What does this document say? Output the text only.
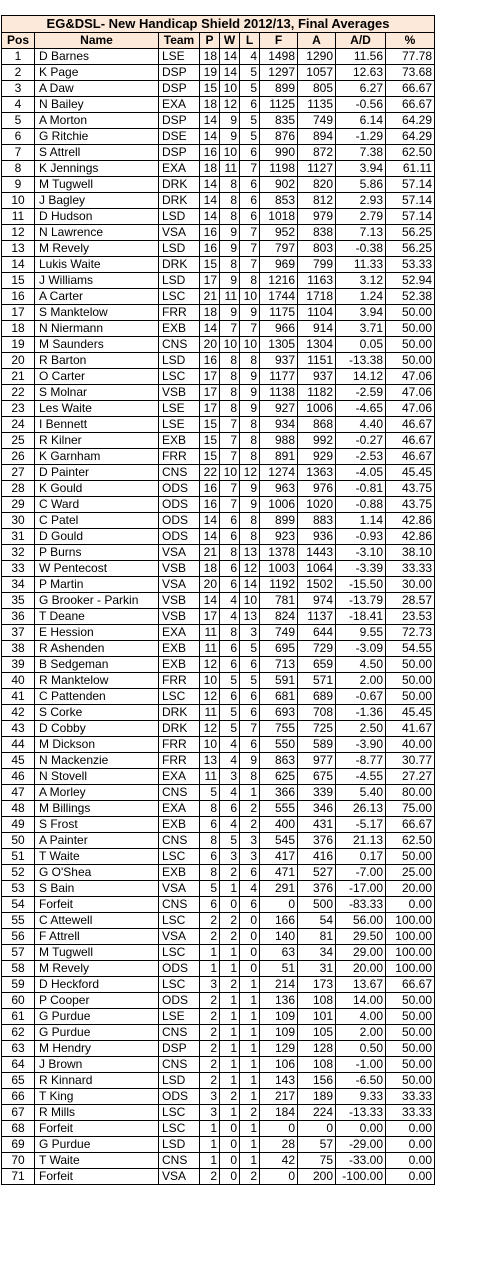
EG&DSL- New Handicap Shield 2012/13, Final Averages									
Pos	Name	Team	P	W	L	F	A	A/D	%
1	D Barnes	LSE	18	14	4	1498	1290	11.56	77.78
2	K Page	DSP	19	14	5	1297	1057	12.63	73.68
3	A Daw	DSP	15	10	5	899	805	6.27	66.67
4	N Bailey	EXA	18	12	6	1125	1135	-0.56	66.67
5	A Morton	DSP	14	9	5	835	749	6.14	64.29
6	G Ritchie	DSE	14	9	5	876	894	-1.29	64.29
7	S Attrell	DSP	16	10	6	990	872	7.38	62.50
8	K Jennings	EXA	18	11	7	1198	1127	3.94	61.11
9	M Tugwell	DRK	14	8	6	902	820	5.86	57.14
10	J Bagley	DRK	14	8	6	853	812	2.93	57.14
11	D Hudson	LSD	14	8	6	1018	979	2.79	57.14
12	N Lawrence	VSA	16	9	7	952	838	7.13	56.25
13	M Revely	LSD	16	9	7	797	803	-0.38	56.25
14	Lukis Waite	DRK	15	8	7	969	799	11.33	53.33
15	J Williams	LSD	17	9	8	1216	1163	3.12	52.94
16	A Carter	LSC	21	11	10	1744	1718	1.24	52.38
17	S Manktelow	FRR	18	9	9	1175	1104	3.94	50.00
18	N Niermann	EXB	14	7	7	966	914	3.71	50.00
19	M Saunders	CNS	20	10	10	1305	1304	0.05	50.00
20	R Barton	LSD	16	8	8	937	1151	-13.38	50.00
21	O Carter	LSC	17	8	9	1177	937	14.12	47.06
22	S Molnar	VSB	17	8	9	1138	1182	-2.59	47.06
23	Les Waite	LSE	17	8	9	927	1006	-4.65	47.06
24	I Bennett	LSE	15	7	8	934	868	4.40	46.67
25	R Kilner	EXB	15	7	8	988	992	-0.27	46.67
26	K Garnham	FRR	15	7	8	891	929	-2.53	46.67
27	D Painter	CNS	22	10	12	1274	1363	-4.05	45.45
28	K Gould	ODS	16	7	9	963	976	-0.81	43.75
29	C Ward	ODS	16	7	9	1006	1020	-0.88	43.75
30	C Patel	ODS	14	6	8	899	883	1.14	42.86
31	D Gould	ODS	14	6	8	923	936	-0.93	42.86
32	P Burns	VSA	21	8	13	1378	1443	-3.10	38.10
33	W Pentecost	VSB	18	6	12	1003	1064	-3.39	33.33
34	P Martin	VSA	20	6	14	1192	1502	-15.50	30.00
35	G Brooker - Parkin	VSB	14	4	10	781	974	-13.79	28.57
36	T Deane	VSB	17	4	13	824	1137	-18.41	23.53
37	E Hession	EXA	11	8	3	749	644	9.55	72.73
38	R Ashenden	EXB	11	6	5	695	729	-3.09	54.55
39	B Sedgeman	EXB	12	6	6	713	659	4.50	50.00
40	R Manktelow	FRR	10	5	5	591	571	2.00	50.00
41	C Pattenden	LSC	12	6	6	681	689	-0.67	50.00
42	S Corke	DRK	11	5	6	693	708	-1.36	45.45
43	D Cobby	DRK	12	5	7	755	725	2.50	41.67
44	M Dickson	FRR	10	4	6	550	589	-3.90	40.00
45	N Mackenzie	FRR	13	4	9	863	977	-8.77	30.77
46	N Stovell	EXA	11	3	8	625	675	-4.55	27.27
47	A Morley	CNS	5	4	1	366	339	5.40	80.00
48	M Billings	EXA	8	6	2	555	346	26.13	75.00
49	S Frost	EXB	6	4	2	400	431	-5.17	66.67
50	A Painter	CNS	8	5	3	545	376	21.13	62.50
51	T Waite	LSC	6	3	3	417	416	0.17	50.00
52	G O'Shea	EXB	8	2	6	471	527	-7.00	25.00
53	S Bain	VSA	5	1	4	291	376	-17.00	20.00
54	Forfeit	CNS	6	0	6	0	500	-83.33	0.00
55	C Attewell	LSC	2	2	0	166	54	56.00	100.00
56	F Attrell	VSA	2	2	0	140	81	29.50	100.00
57	M Tugwell	LSC	1	1	0	63	34	29.00	100.00
58	M Revely	ODS	1	1	0	51	31	20.00	100.00
59	D Heckford	LSC	3	2	1	214	173	13.67	66.67
60	P Cooper	ODS	2	1	1	136	108	14.00	50.00
61	G Purdue	LSE	2	1	1	109	101	4.00	50.00
62	G Purdue	CNS	2	1	1	109	105	2.00	50.00
63	M Hendry	DSP	2	1	1	129	128	0.50	50.00
64	J Brown	CNS	2	1	1	106	108	-1.00	50.00
65	R Kinnard	LSD	2	1	1	143	156	-6.50	50.00
66	T King	ODS	3	2	1	217	189	9.33	33.33
67	R Mills	LSC	3	1	2	184	224	-13.33	33.33
68	Forfeit	LSC	1	0	1	0	0	0.00	0.00
69	G Purdue	LSD	1	0	1	28	57	-29.00	0.00
70	T Waite	CNS	1	0	1	42	75	-33.00	0.00
71	Forfeit	VSA	2	0	2	0	200	-100.00	0.00
